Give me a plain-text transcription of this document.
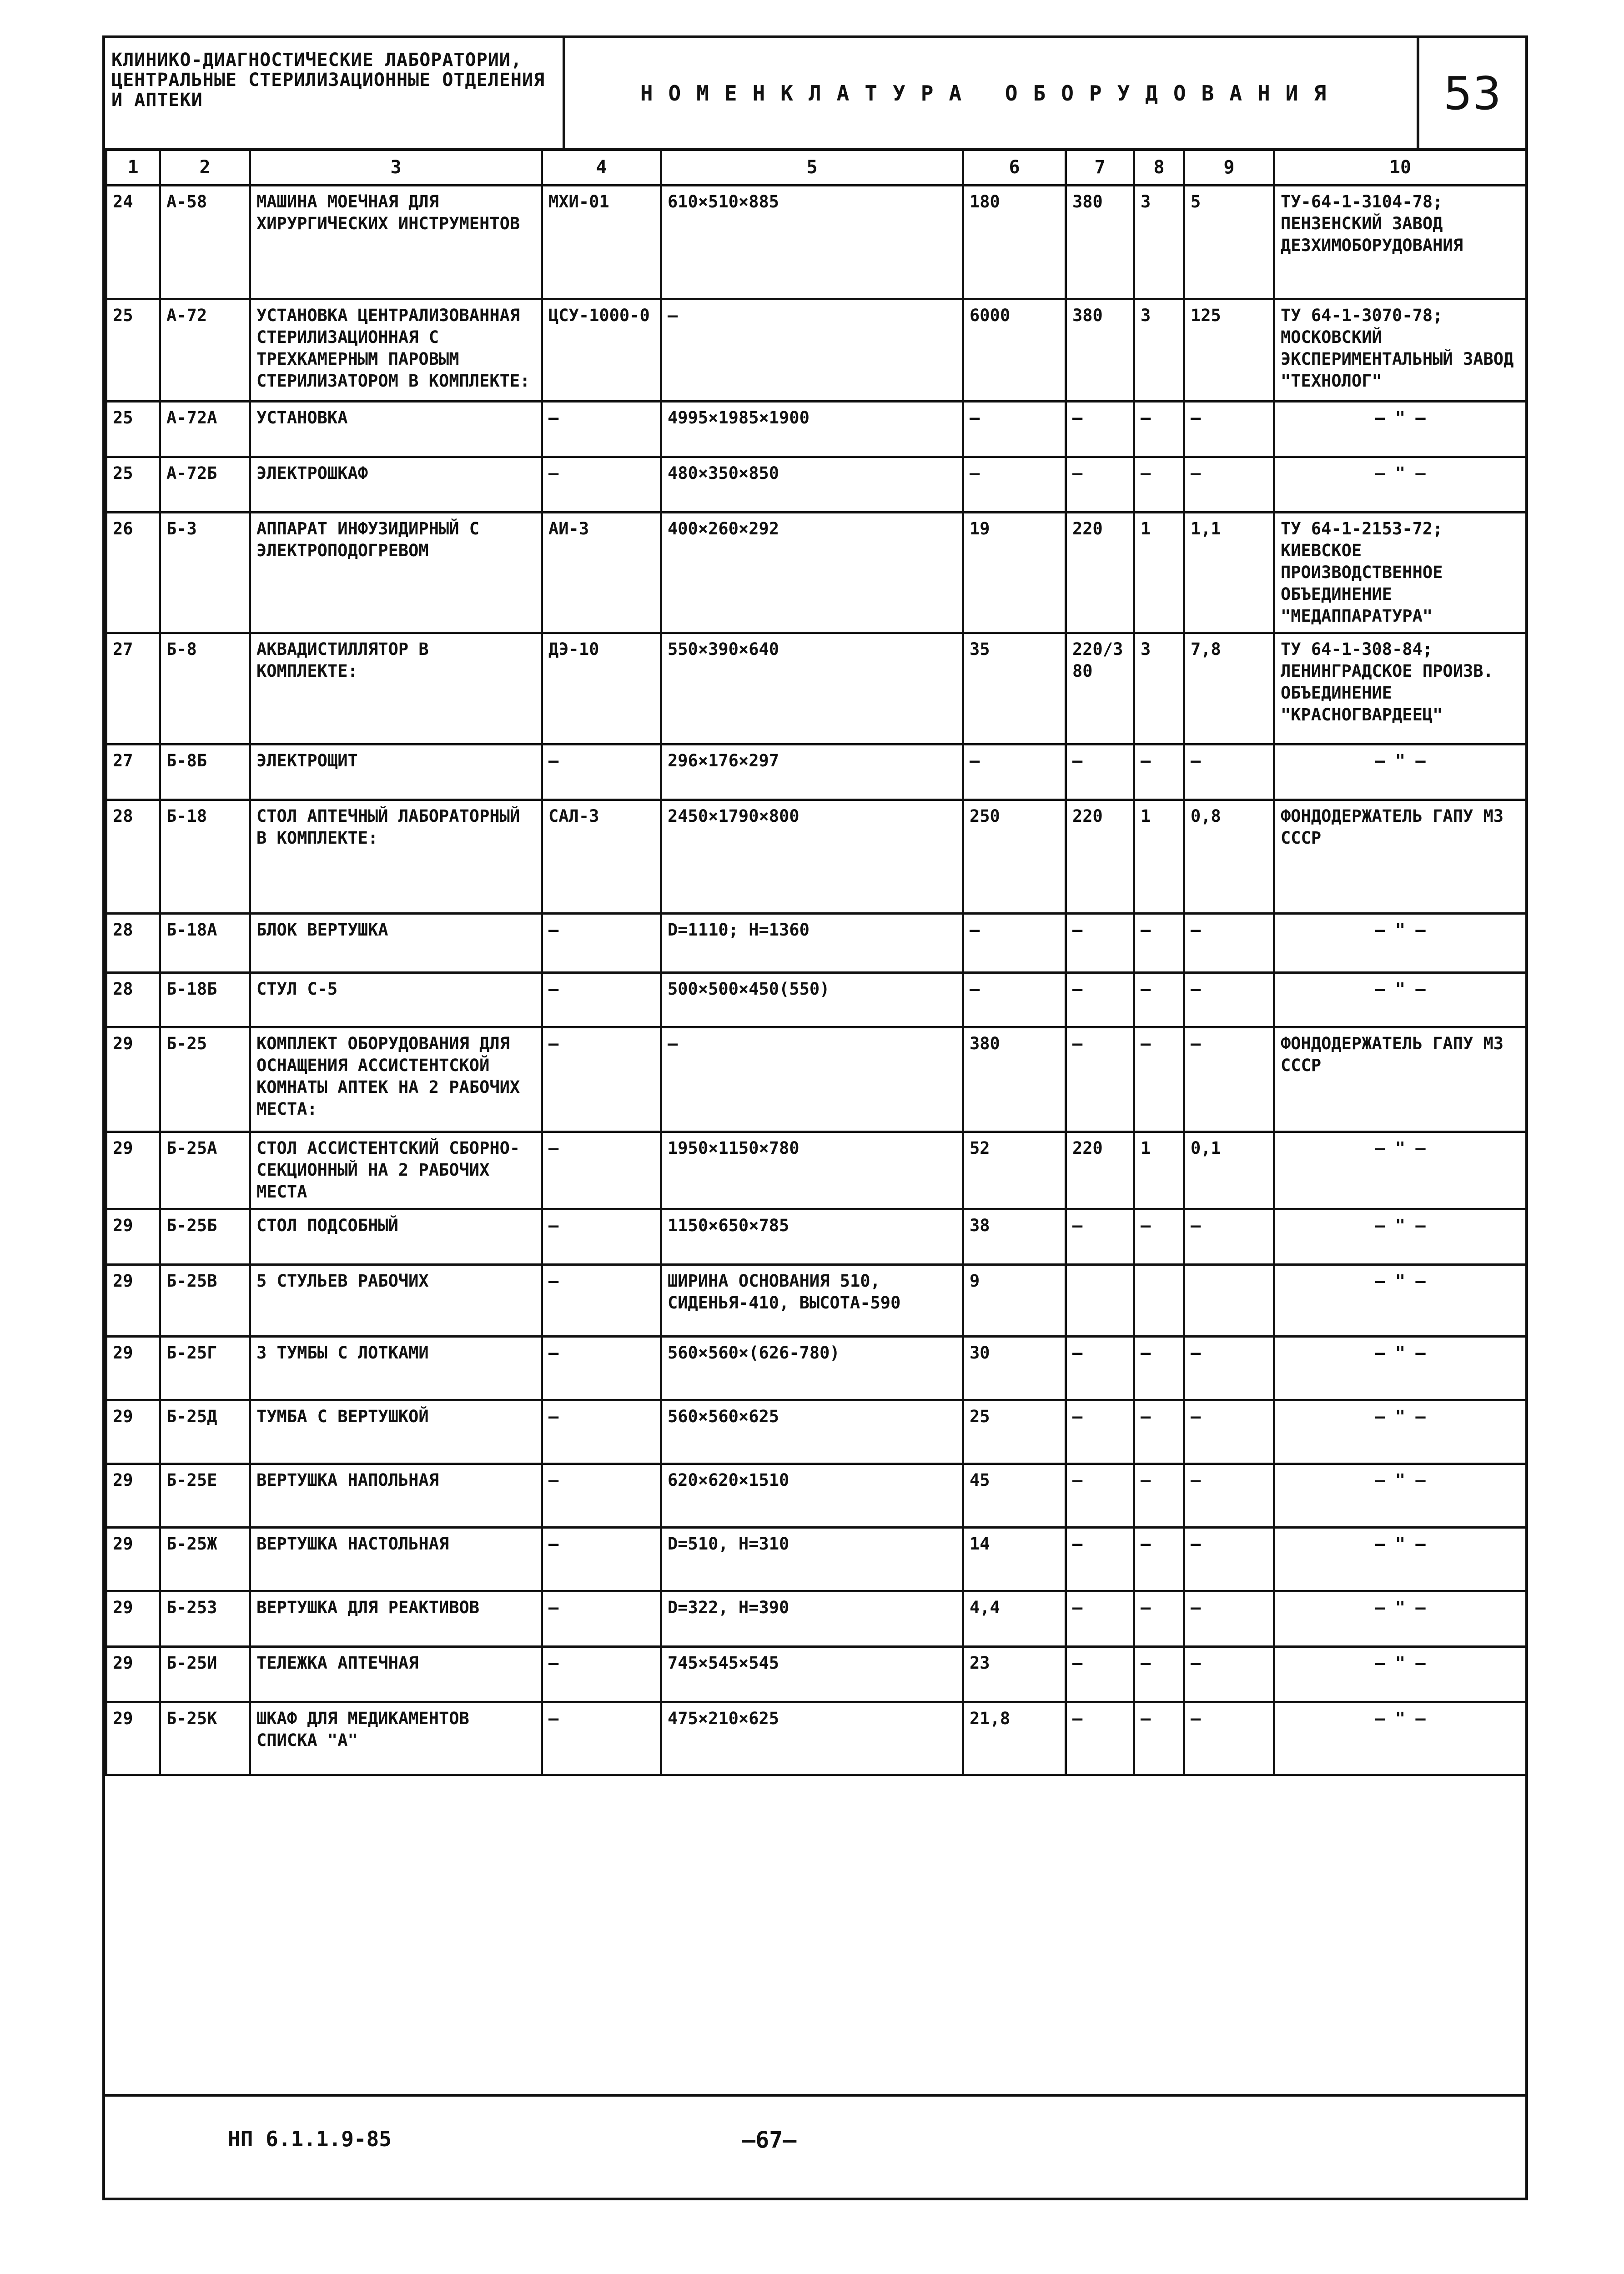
КЛИНИКО-ДИАГНОСТИЧЕСКИЕ ЛАБОРАТОРИИ, ЦЕНТРАЛЬНЫЕ СТЕРИЛИЗАЦИОННЫЕ ОТДЕЛЕНИЯ И АПТЕКИ	НОМЕНКЛАТУРА ОБОРУДОВАНИЯ	53
1	2	3	4	5	6	7	8	9	10
24	А-58	МАШИНА МОЕЧНАЯ ДЛЯ ХИРУРГИЧЕСКИХ ИНСТРУМЕНТОВ	МХИ-01	610×510×885	180	380	3	5	ТУ-64-1-3104-78; ПЕНЗЕНСКИЙ ЗАВОД ДЕЗХИМОБОРУДОВАНИЯ
25	А-72	УСТАНОВКА ЦЕНТРАЛИЗОВАННАЯ СТЕРИЛИЗАЦИОННАЯ С ТРЕХКАМЕРНЫМ ПАРОВЫМ СТЕРИЛИЗАТОРОМ В КОМПЛЕКТЕ:	ЦСУ-1000-0	—	6000	380	3	125	ТУ 64-1-3070-78; МОСКОВСКИЙ ЭКСПЕРИМЕНТАЛЬНЫЙ ЗАВОД "ТЕХНОЛОГ"
25	А-72А	УСТАНОВКА	—	4995×1985×1900	—	—	—	—	— " —
25	А-72Б	ЭЛЕКТРОШКАФ	—	480×350×850	—	—	—	—	— " —
26	Б-3	АППАРАТ ИНФУЗИДИРНЫЙ С ЭЛЕКТРОПОДОГРЕВОМ	АИ-3	400×260×292	19	220	1	1,1	ТУ 64-1-2153-72; КИЕВСКОЕ ПРОИЗВОДСТВЕННОЕ ОБЪЕДИНЕНИЕ "МЕДАППАРАТУРА"
27	Б-8	АКВАДИСТИЛЛЯТОР В КОМПЛЕКТЕ:	ДЭ-10	550×390×640	35	220/380	3	7,8	ТУ 64-1-308-84; ЛЕНИНГРАДСКОЕ ПРОИЗВ. ОБЪЕДИНЕНИЕ "КРАСНОГВАРДЕЕЦ"
27	Б-8Б	ЭЛЕКТРОЩИТ	—	296×176×297	—	—	—	—	— " —
28	Б-18	СТОЛ АПТЕЧНЫЙ ЛАБОРАТОРНЫЙ В КОМПЛЕКТЕ:	САЛ-3	2450×1790×800	250	220	1	0,8	ФОНДОДЕРЖАТЕЛЬ ГАПУ МЗ СССР
28	Б-18А	БЛОК ВЕРТУШКА	—	D=1110; H=1360	—	—	—	—	— " —
28	Б-18Б	СТУЛ С-5	—	500×500×450(550)	—	—	—	—	— " —
29	Б-25	КОМПЛЕКТ ОБОРУДОВАНИЯ ДЛЯ ОСНАЩЕНИЯ АССИСТЕНТСКОЙ КОМНАТЫ АПТЕК НА 2 РАБОЧИХ МЕСТА:	—	—	380	—	—	—	ФОНДОДЕРЖАТЕЛЬ ГАПУ МЗ СССР
29	Б-25А	СТОЛ АССИСТЕНТСКИЙ СБОРНО-СЕКЦИОННЫЙ НА 2 РАБОЧИХ МЕСТА	—	1950×1150×780	52	220	1	0,1	— " —
29	Б-25Б	СТОЛ ПОДСОБНЫЙ	—	1150×650×785	38	—	—	—	— " —
29	Б-25В	5 СТУЛЬЕВ РАБОЧИХ	—	ШИРИНА ОСНОВАНИЯ 510, СИДЕНЬЯ-410, ВЫСОТА-590	9				— " —
29	Б-25Г	3 ТУМБЫ С ЛОТКАМИ	—	560×560×(626-780)	30	—	—	—	— " —
29	Б-25Д	ТУМБА С ВЕРТУШКОЙ	—	560×560×625	25	—	—	—	— " —
29	Б-25Е	ВЕРТУШКА НАПОЛЬНАЯ	—	620×620×1510	45	—	—	—	— " —
29	Б-25Ж	ВЕРТУШКА НАСТОЛЬНАЯ	—	D=510, H=310	14	—	—	—	— " —
29	Б-25З	ВЕРТУШКА ДЛЯ РЕАКТИВОВ	—	D=322, H=390	4,4	—	—	—	— " —
29	Б-25И	ТЕЛЕЖКА АПТЕЧНАЯ	—	745×545×545	23	—	—	—	— " —
29	Б-25К	ШКАФ ДЛЯ МЕДИКАМЕНТОВ СПИСКА "А"	—	475×210×625	21,8	—	—	—	— " —
НП 6.1.1.9-85	—67—
